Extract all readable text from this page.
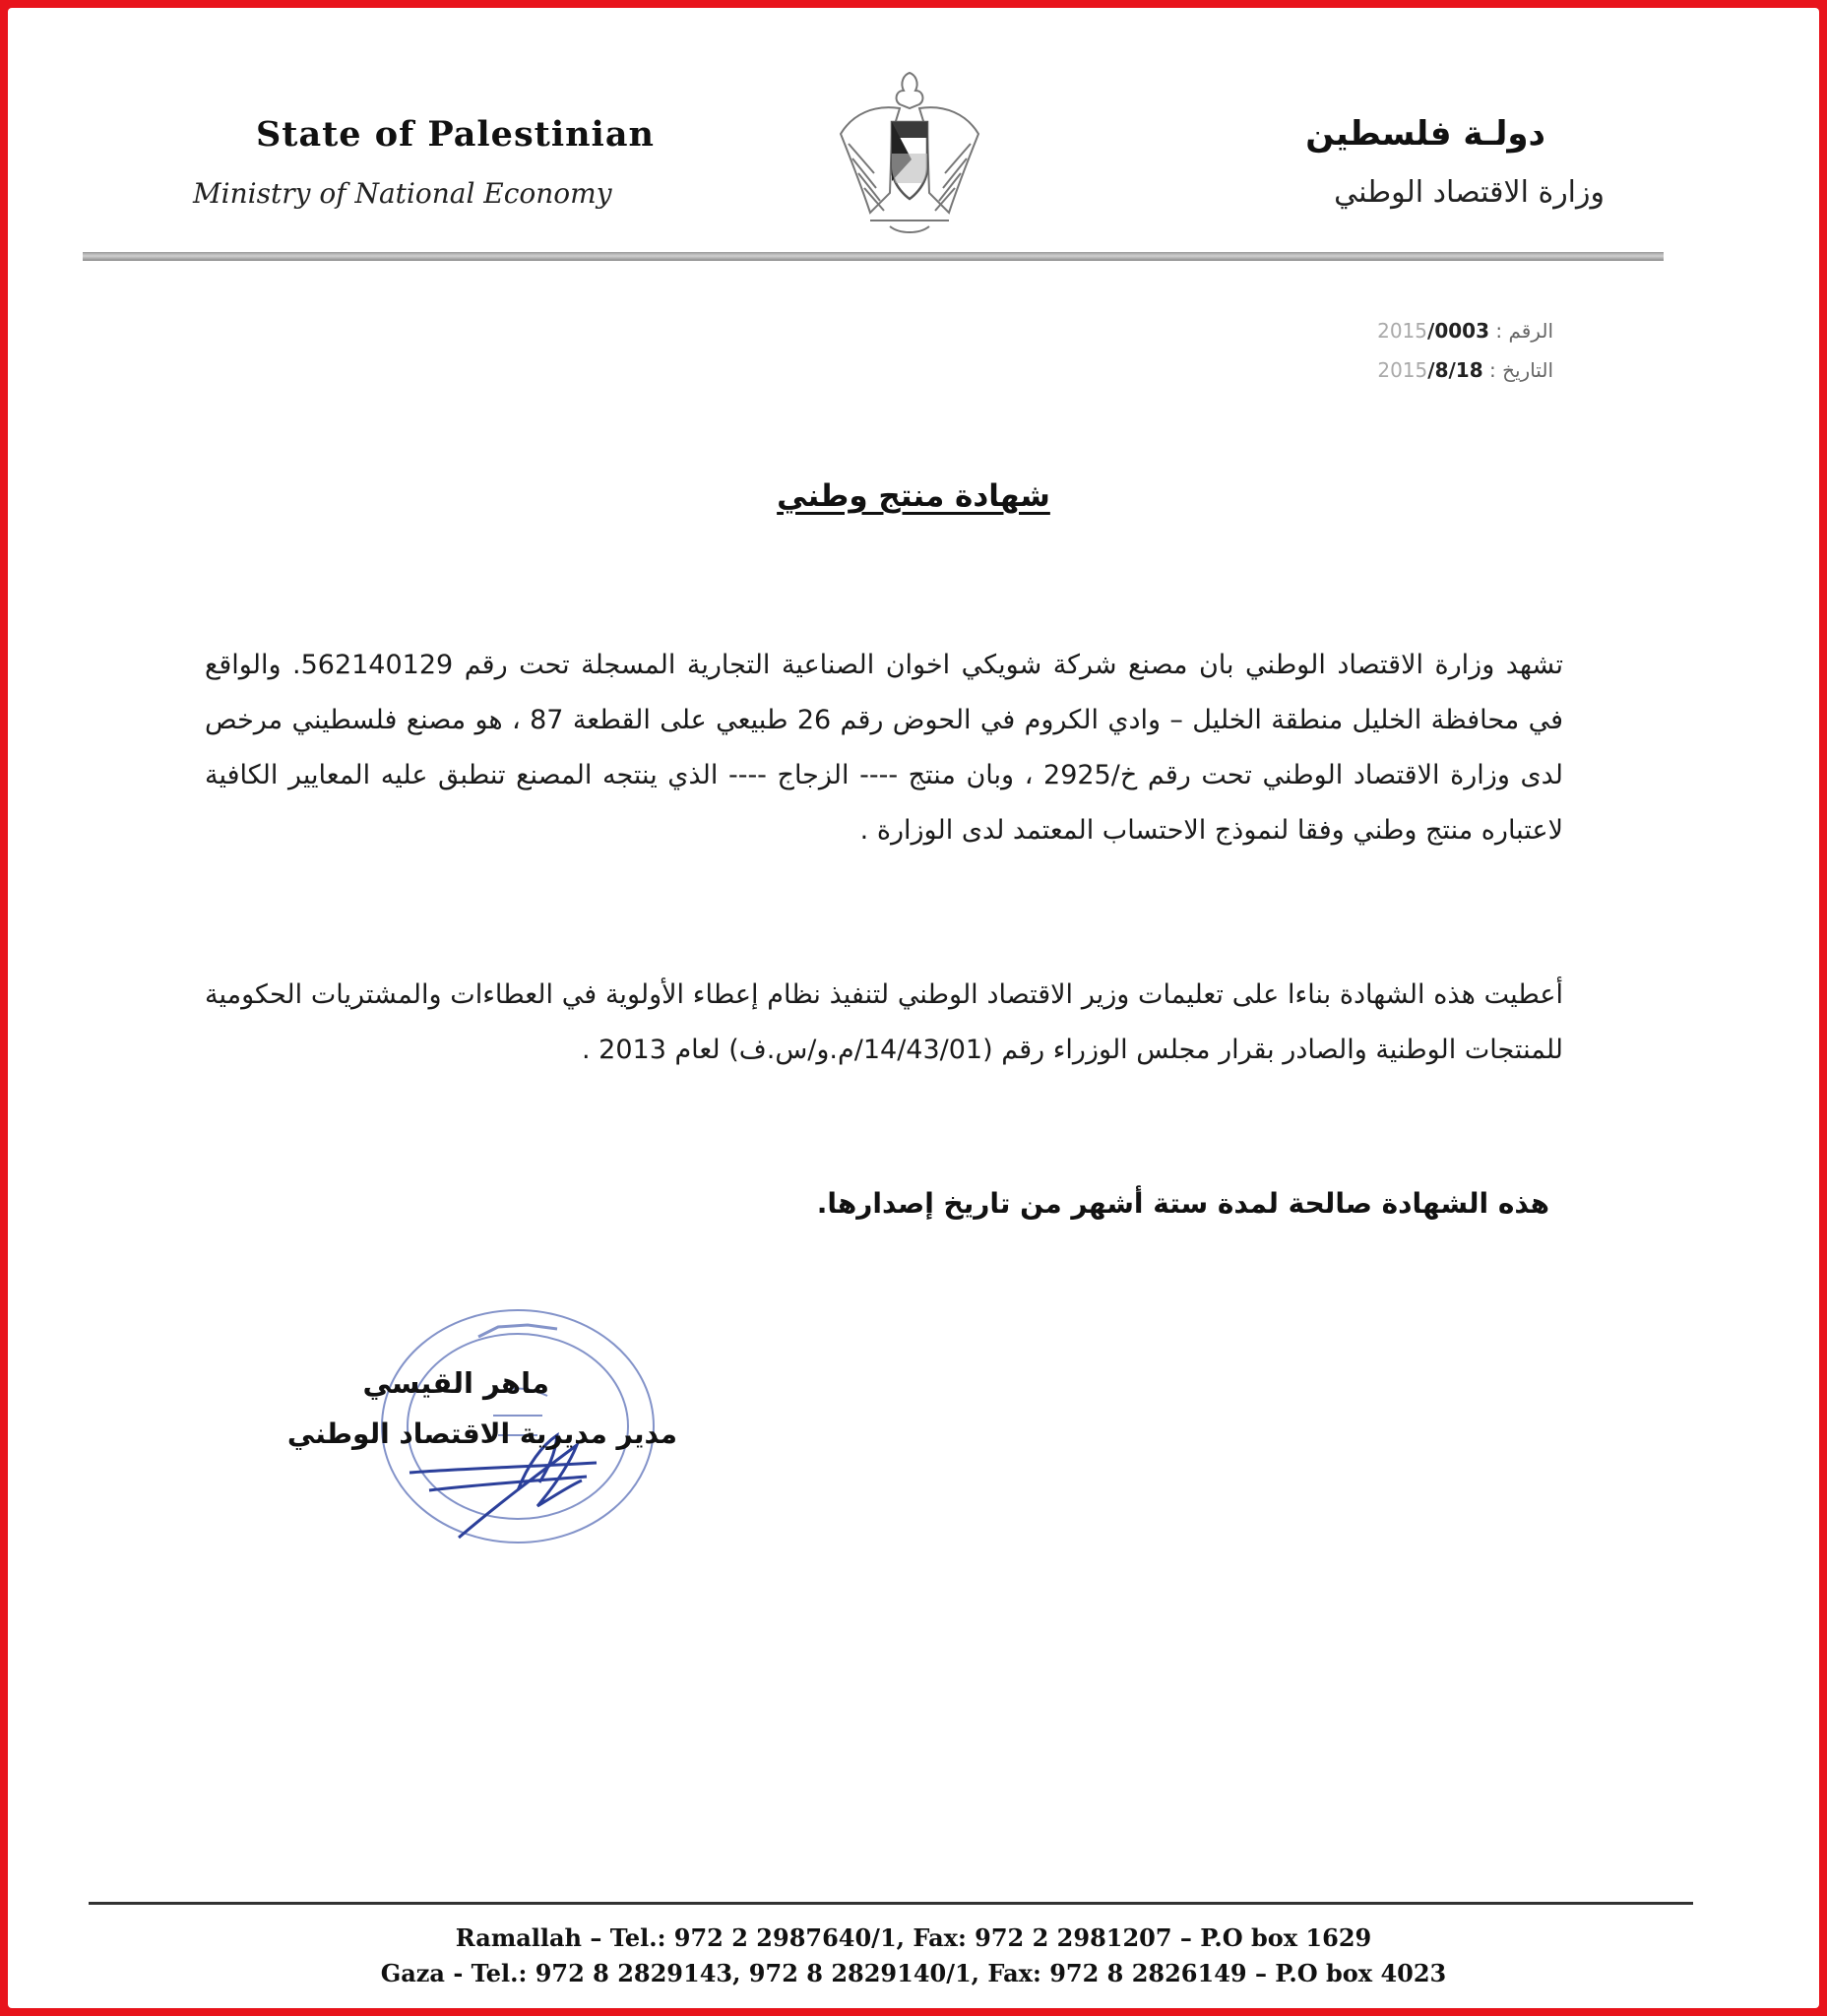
State of Palestinian
Ministry of National Economy
دولـة فلسطين
وزارة الاقتصاد الوطني
الرقم : 2015/0003
التاريخ : 2015/8/18
شهادة منتج وطني
تشهد وزارة الاقتصاد الوطني بان مصنع شركة شويكي اخوان الصناعية التجارية المسجلة تحت رقم 562140129. والواقع في محافظة الخليل منطقة الخليل – وادي الكروم في الحوض رقم 26 طبيعي على القطعة 87 ، هو مصنع فلسطيني مرخص لدى وزارة الاقتصاد الوطني تحت رقم خ/2925 ، وبان منتج ---- الزجاج ---- الذي ينتجه المصنع تنطبق عليه المعايير الكافية لاعتباره منتج وطني وفقا لنموذج الاحتساب المعتمد لدى الوزارة .
أعطيت هذه الشهادة بناءا على تعليمات وزير الاقتصاد الوطني لتنفيذ نظام إعطاء الأولوية في العطاءات والمشتريات الحكومية للمنتجات الوطنية والصادر بقرار مجلس الوزراء رقم (14/43/01/م.و/س.ف) لعام 2013 .
هذه الشهادة صالحة لمدة ستة أشهر من تاريخ إصدارها.
ماهر القيسي
مدير مديرية الاقتصاد الوطني
Ramallah – Tel.: 972 2 2987640/1, Fax: 972 2 2981207 – P.O box 1629
Gaza - Tel.: 972 8 2829143, 972 8 2829140/1, Fax: 972 8 2826149 – P.O box 4023
